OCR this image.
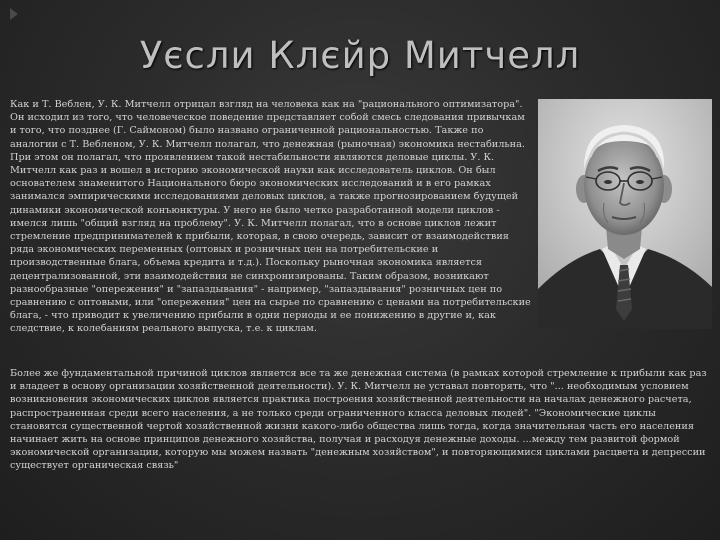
Уєсли Клєйр Митчелл

Как и Т. Веблен, У. К. Митчелл отрицал взгляд на человека как на "рационального оптимизатора". Он исходил из того, что человеческое поведение представляет собой смесь следования привычкам и того, что позднее (Г. Саймоном) было названо ограниченной рациональностью. Также по аналогии с Т. Вебленом, У. К. Митчелл полагал, что денежная (рыночная) экономика нестабильна. При этом он полагал, что проявлением такой нестабильности являются деловые циклы. У. К. Митчелл как раз и вошел в историю экономической науки как исследователь циклов. Он был основателем знаменитого Национального бюро экономических исследований и в его рамках занимался эмпирическими исследованиями деловых циклов, а также прогнозированием будущей динамики экономической конъюнктуры. У него не было четко разработанной модели циклов - имелся лишь "общий взгляд на проблему". У. К. Митчелл полагал, что в основе циклов лежит стремление предпринимателей к прибыли, которая, в свою очередь, зависит от взаимодействия ряда экономических переменных (оптовых и розничных цен на потребительские и производственные блага, объема кредита и т.д.). Поскольку рыночная экономика является децентрализованной, эти взаимодействия не синхронизированы. Таким образом, возникают разнообразные "опережения" и "запаздывания" - например, "запаздывания" розничных цен по сравнению с оптовыми, или "опережения" цен на сырье по сравнению с ценами на потребительские блага, - что приводит к увеличению прибыли в одни периоды и ее понижению в другие и, как следствие, к колебаниям реального выпуска, т.е. к циклам.

Более же фундаментальной причиной циклов является все та же денежная система (в рамках которой стремление к прибыли как раз и владеет в основу организации хозяйственной деятельности). У. К. Митчелл не уставал повторять, что "... необходимым условием возникновения экономических циклов является практика построения хозяйственной деятельности на началах денежного расчета, распространенная среди всего населения, а не только среди ограниченного класса деловых людей". "Экономические циклы становятся существенной чертой хозяйственной жизни какого-либо общества лишь тогда, когда значительная часть его населения начинает жить на основе принципов денежного хозяйства, получая и расходуя денежные доходы. ...между тем развитой формой экономической организации, которую мы можем назвать "денежным хозяйством", и повторяющимися циклами расцвета и депрессии существует органическая связь"
